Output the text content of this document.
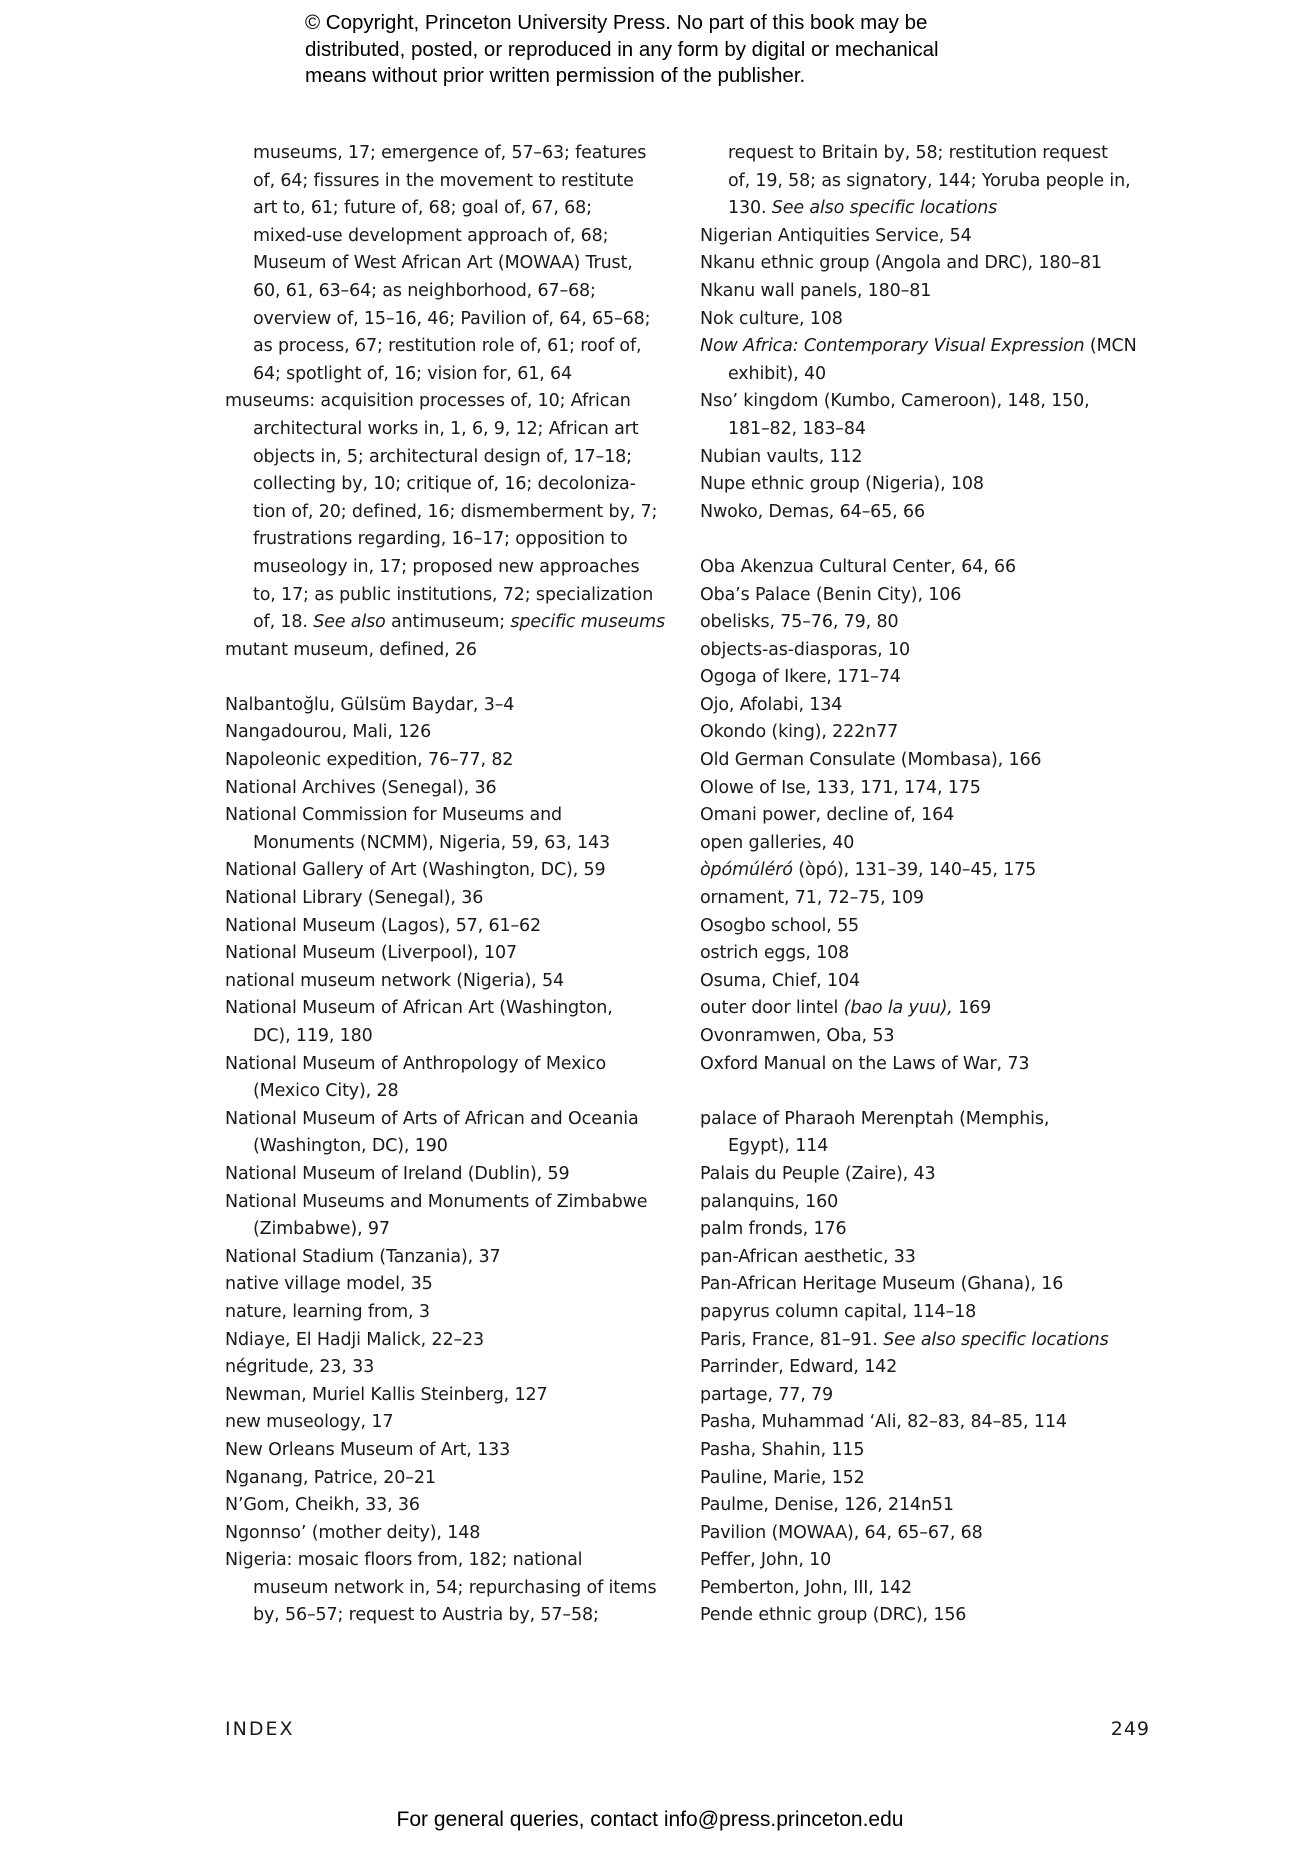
© Copyright, Princeton University Press. No part of this book may be
distributed, posted, or reproduced in any form by digital or mechanical
means without prior written permission of the publisher.
museums, 17; emergence of, 57–63; features
of, 64; fissures in the movement to restitute
art to, 61; future of, 68; goal of, 67, 68;
mixed-use development approach of, 68;
Museum of West African Art (MOWAA) Trust,
60, 61, 63–64; as neighborhood, 67–68;
overview of, 15–16, 46; Pavilion of, 64, 65–68;
as process, 67; restitution role of, 61; roof of,
64; spotlight of, 16; vision for, 61, 64
museums: acquisition processes of, 10; African
architectural works in, 1, 6, 9, 12; African art
objects in, 5; architectural design of, 17–18;
collecting by, 10; critique of, 16; decoloniza-
tion of, 20; defined, 16; dismemberment by, 7;
frustrations regarding, 16–17; opposition to
museology in, 17; proposed new approaches
to, 17; as public institutions, 72; specialization
of, 18. See also antimuseum; specific museums
mutant museum, defined, 26
Nalbantoğlu, Gülsüm Baydar, 3–4
Nangadourou, Mali, 126
Napoleonic expedition, 76–77, 82
National Archives (Senegal), 36
National Commission for Museums and
Monuments (NCMM), Nigeria, 59, 63, 143
National Gallery of Art (Washington, DC), 59
National Library (Senegal), 36
National Museum (Lagos), 57, 61–62
National Museum (Liverpool), 107
national museum network (Nigeria), 54
National Museum of African Art (Washington,
DC), 119, 180
National Museum of Anthropology of Mexico
(Mexico City), 28
National Museum of Arts of African and Oceania
(Washington, DC), 190
National Museum of Ireland (Dublin), 59
National Museums and Monuments of Zimbabwe
(Zimbabwe), 97
National Stadium (Tanzania), 37
native village model, 35
nature, learning from, 3
Ndiaye, El Hadji Malick, 22–23
négritude, 23, 33
Newman, Muriel Kallis Steinberg, 127
new museology, 17
New Orleans Museum of Art, 133
Nganang, Patrice, 20–21
N’Gom, Cheikh, 33, 36
Ngonnso’ (mother deity), 148
Nigeria: mosaic floors from, 182; national
museum network in, 54; repurchasing of items
by, 56–57; request to Austria by, 57–58;
request to Britain by, 58; restitution request
of, 19, 58; as signatory, 144; Yoruba people in,
130. See also specific locations
Nigerian Antiquities Service, 54
Nkanu ethnic group (Angola and DRC), 180–81
Nkanu wall panels, 180–81
Nok culture, 108
Now Africa: Contemporary Visual Expression (MCN
exhibit), 40
Nso’ kingdom (Kumbo, Cameroon), 148, 150,
181–82, 183–84
Nubian vaults, 112
Nupe ethnic group (Nigeria), 108
Nwoko, Demas, 64–65, 66
Oba Akenzua Cultural Center, 64, 66
Oba’s Palace (Benin City), 106
obelisks, 75–76, 79, 80
objects-as-diasporas, 10
Ogoga of Ikere, 171–74
Ojo, Afolabi, 134
Okondo (king), 222n77
Old German Consulate (Mombasa), 166
Olowe of Ise, 133, 171, 174, 175
Omani power, decline of, 164
open galleries, 40
òpómúléró (òpó), 131–39, 140–45, 175
ornament, 71, 72–75, 109
Osogbo school, 55
ostrich eggs, 108
Osuma, Chief, 104
outer door lintel (bao la yuu), 169
Ovonramwen, Oba, 53
Oxford Manual on the Laws of War, 73
palace of Pharaoh Merenptah (Memphis,
Egypt), 114
Palais du Peuple (Zaire), 43
palanquins, 160
palm fronds, 176
pan-African aesthetic, 33
Pan-African Heritage Museum (Ghana), 16
papyrus column capital, 114–18
Paris, France, 81–91. See also specific locations
Parrinder, Edward, 142
partage, 77, 79
Pasha, Muhammad ‘Ali, 82–83, 84–85, 114
Pasha, Shahin, 115
Pauline, Marie, 152
Paulme, Denise, 126, 214n51
Pavilion (MOWAA), 64, 65–67, 68
Peffer, John, 10
Pemberton, John, III, 142
Pende ethnic group (DRC), 156
INDEX	249
For general queries, contact info@press.princeton.edu
